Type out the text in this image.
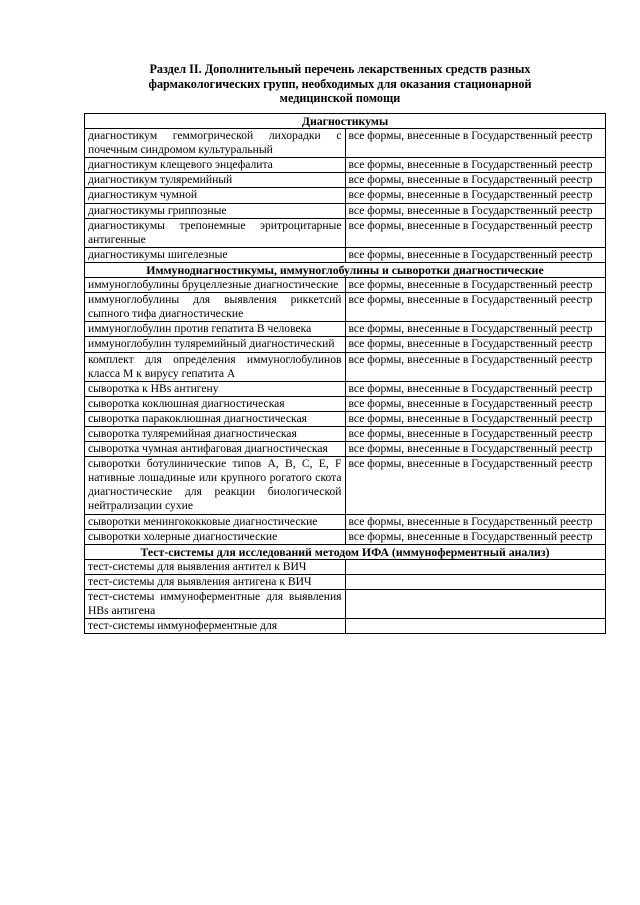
Раздел II. Дополнительный перечень лекарственных средств разных фармакологических групп, необходимых для оказания стационарной медицинской помощи
Диагностикумы	
диагностикум геммогрической лихорадки с почечным синдромом культуральный	все формы, внесенные в Государственный реестр
диагностикум клещевого энцефалита	все формы, внесенные в Государственный реестр
диагностикум туляремийный	все формы, внесенные в Государственный реестр
диагностикум чумной	все формы, внесенные в Государственный реестр
диагностикумы гриппозные	все формы, внесенные в Государственный реестр
диагностикумы трепонемные эритроцитарные антигенные	все формы, внесенные в Государственный реестр
диагностикумы шигелезные	все формы, внесенные в Государственный реестр
Иммунодиагностикумы, иммуноглобулины и сыворотки диагностические	
иммуноглобулины бруцеллезные диагностические	все формы, внесенные в Государственный реестр
иммуноглобулины для выявления риккетсий сыпного тифа диагностические	все формы, внесенные в Государственный реестр
иммуноглобулин против гепатита В человека	все формы, внесенные в Государственный реестр
иммуноглобулин туляремийный диагностический	все формы, внесенные в Государственный реестр
комплект для определения иммуноглобулинов класса М к вирусу гепатита А	все формы, внесенные в Государственный реестр
сыворотка к HBs антигену	все формы, внесенные в Государственный реестр
сыворотка коклюшная диагностическая	все формы, внесенные в Государственный реестр
сыворотка паракоклюшная диагностическая	все формы, внесенные в Государственный реестр
сыворотка туляремийная диагностическая	все формы, внесенные в Государственный реестр
сыворотка чумная антифаговая диагностическая	все формы, внесенные в Государственный реестр
сыворотки ботулинические типов А, В, С, Е, F нативные лошадиные или крупного рогатого скота диагностические для реакции биологической нейтрализации сухие	все формы, внесенные в Государственный реестр
сыворотки менингококковые диагностические	все формы, внесенные в Государственный реестр
сыворотки холерные диагностические	все формы, внесенные в Государственный реестр
Тест-системы для исследований методом ИФА (иммуноферментный анализ)	
тест-системы для выявления антител к ВИЧ	
тест-системы для выявления антигена к ВИЧ	
тест-системы иммуноферментные для выявления HBs антигена	
тест-системы иммуноферментные для	
